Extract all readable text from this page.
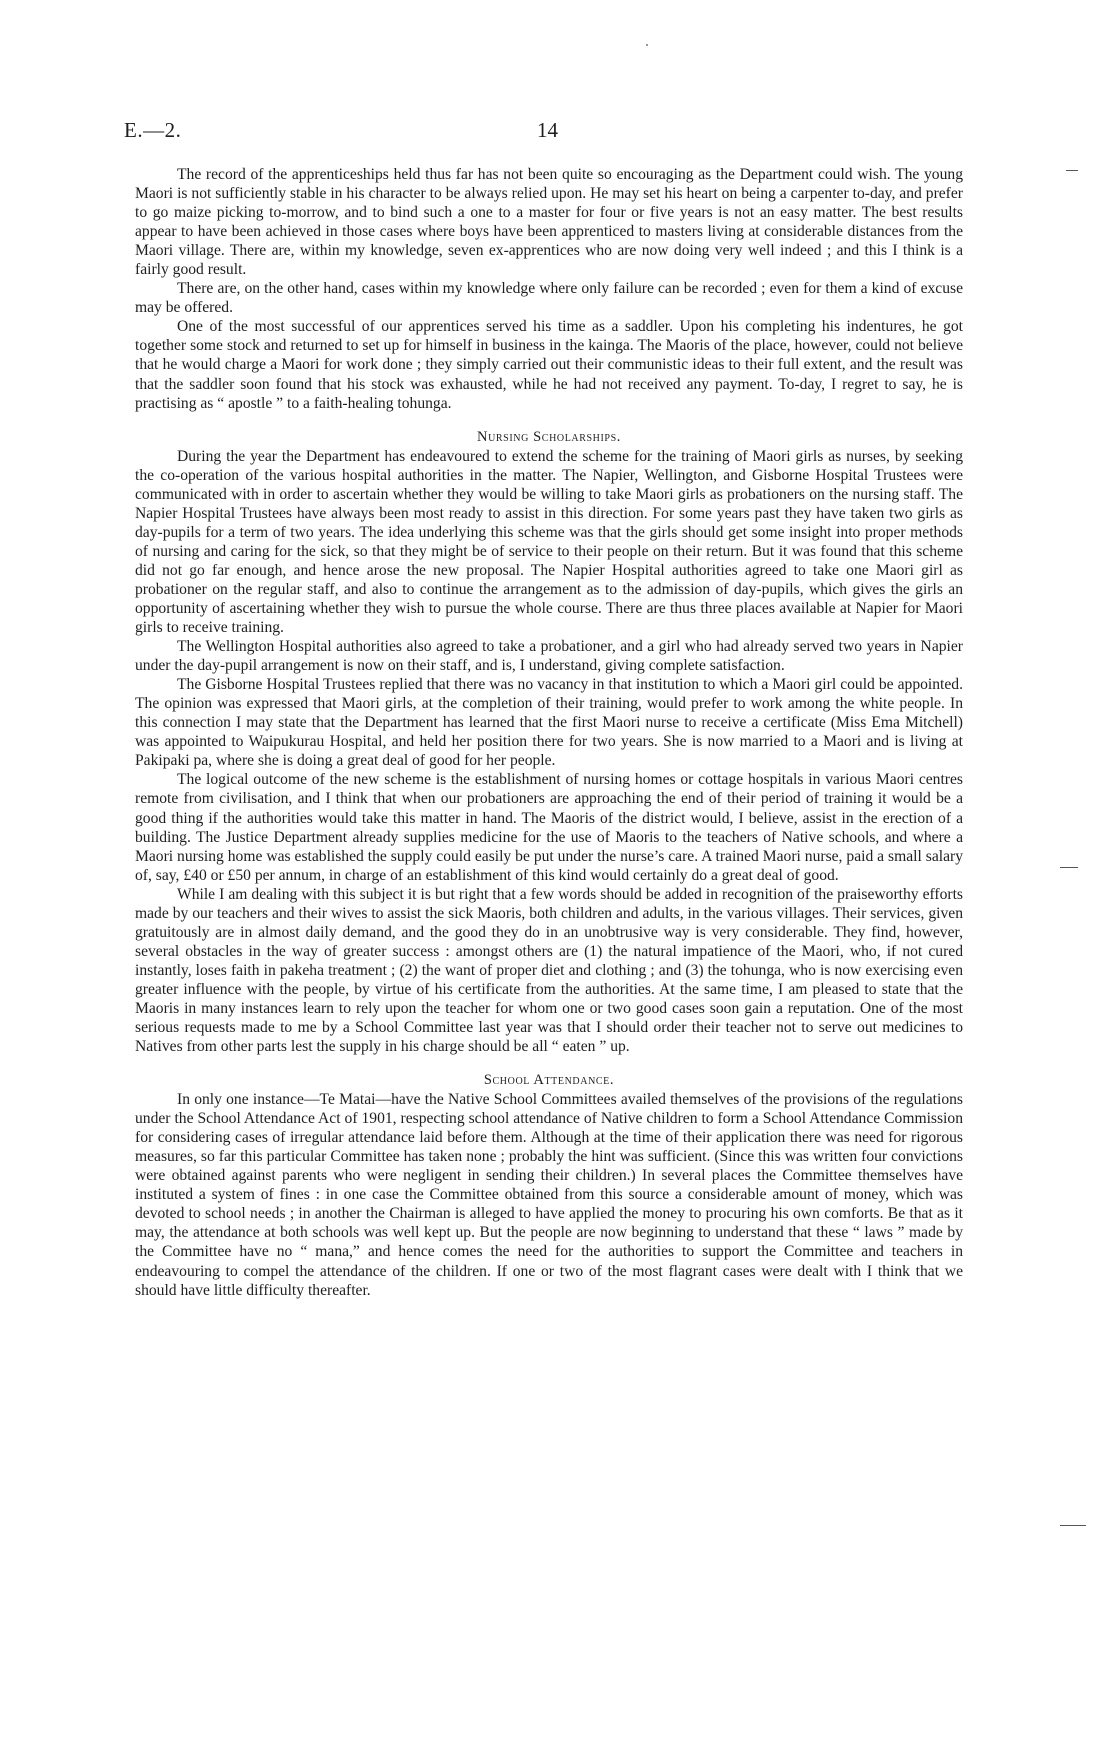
E.—2.	14

The record of the apprenticeships held thus far has not been quite so encouraging as the Department could wish. The young Maori is not sufficiently stable in his character to be always relied upon. He may set his heart on being a carpenter to-day, and prefer to go maize picking to-morrow, and to bind such a one to a master for four or five years is not an easy matter. The best results appear to have been achieved in those cases where boys have been apprenticed to masters living at considerable distances from the Maori village. There are, within my knowledge, seven ex-apprentices who are now doing very well indeed ; and this I think is a fairly good result.

There are, on the other hand, cases within my knowledge where only failure can be recorded ; even for them a kind of excuse may be offered.

One of the most successful of our apprentices served his time as a saddler. Upon his completing his indentures, he got together some stock and returned to set up for himself in business in the kainga. The Maoris of the place, however, could not believe that he would charge a Maori for work done ; they simply carried out their communistic ideas to their full extent, and the result was that the saddler soon found that his stock was exhausted, while he had not received any payment. To-day, I regret to say, he is practising as “ apostle ” to a faith-healing tohunga.

Nursing Scholarships.

During the year the Department has endeavoured to extend the scheme for the training of Maori girls as nurses, by seeking the co-operation of the various hospital authorities in the matter. The Napier, Wellington, and Gisborne Hospital Trustees were communicated with in order to ascertain whether they would be willing to take Maori girls as probationers on the nursing staff. The Napier Hospital Trustees have always been most ready to assist in this direction. For some years past they have taken two girls as day-pupils for a term of two years. The idea underlying this scheme was that the girls should get some insight into proper methods of nursing and caring for the sick, so that they might be of service to their people on their return. But it was found that this scheme did not go far enough, and hence arose the new proposal. The Napier Hospital authorities agreed to take one Maori girl as probationer on the regular staff, and also to continue the arrangement as to the admission of day-pupils, which gives the girls an opportunity of ascertaining whether they wish to pursue the whole course. There are thus three places available at Napier for Maori girls to receive training.

The Wellington Hospital authorities also agreed to take a probationer, and a girl who had already served two years in Napier under the day-pupil arrangement is now on their staff, and is, I understand, giving complete satisfaction.

The Gisborne Hospital Trustees replied that there was no vacancy in that institution to which a Maori girl could be appointed. The opinion was expressed that Maori girls, at the completion of their training, would prefer to work among the white people. In this connection I may state that the Department has learned that the first Maori nurse to receive a certificate (Miss Ema Mitchell) was appointed to Waipukurau Hospital, and held her position there for two years. She is now married to a Maori and is living at Pakipaki pa, where she is doing a great deal of good for her people.

The logical outcome of the new scheme is the establishment of nursing homes or cottage hospitals in various Maori centres remote from civilisation, and I think that when our probationers are approaching the end of their period of training it would be a good thing if the authorities would take this matter in hand. The Maoris of the district would, I believe, assist in the erection of a building. The Justice Department already supplies medicine for the use of Maoris to the teachers of Native schools, and where a Maori nursing home was established the supply could easily be put under the nurse’s care. A trained Maori nurse, paid a small salary of, say, £40 or £50 per annum, in charge of an establishment of this kind would certainly do a great deal of good.

While I am dealing with this subject it is but right that a few words should be added in recognition of the praiseworthy efforts made by our teachers and their wives to assist the sick Maoris, both children and adults, in the various villages. Their services, given gratuitously are in almost daily demand, and the good they do in an unobtrusive way is very considerable. They find, however, several obstacles in the way of greater success : amongst others are (1) the natural impatience of the Maori, who, if not cured instantly, loses faith in pakeha treatment ; (2) the want of proper diet and clothing ; and (3) the tohunga, who is now exercising even greater influence with the people, by virtue of his certificate from the authorities. At the same time, I am pleased to state that the Maoris in many instances learn to rely upon the teacher for whom one or two good cases soon gain a reputation. One of the most serious requests made to me by a School Committee last year was that I should order their teacher not to serve out medicines to Natives from other parts lest the supply in his charge should be all “ eaten ” up.

School Attendance.

In only one instance—Te Matai—have the Native School Committees availed themselves of the provisions of the regulations under the School Attendance Act of 1901, respecting school attendance of Native children to form a School Attendance Commission for considering cases of irregular attendance laid before them. Although at the time of their application there was need for rigorous measures, so far this particular Committee has taken none ; probably the hint was sufficient. (Since this was written four convictions were obtained against parents who were negligent in sending their children.) In several places the Committee themselves have instituted a system of fines : in one case the Committee obtained from this source a considerable amount of money, which was devoted to school needs ; in another the Chairman is alleged to have applied the money to procuring his own comforts. Be that as it may, the attendance at both schools was well kept up. But the people are now beginning to understand that these “ laws ” made by the Committee have no “ mana,” and hence comes the need for the authorities to support the Committee and teachers in endeavouring to compel the attendance of the children. If one or two of the most flagrant cases were dealt with I think that we should have little difficulty thereafter.
